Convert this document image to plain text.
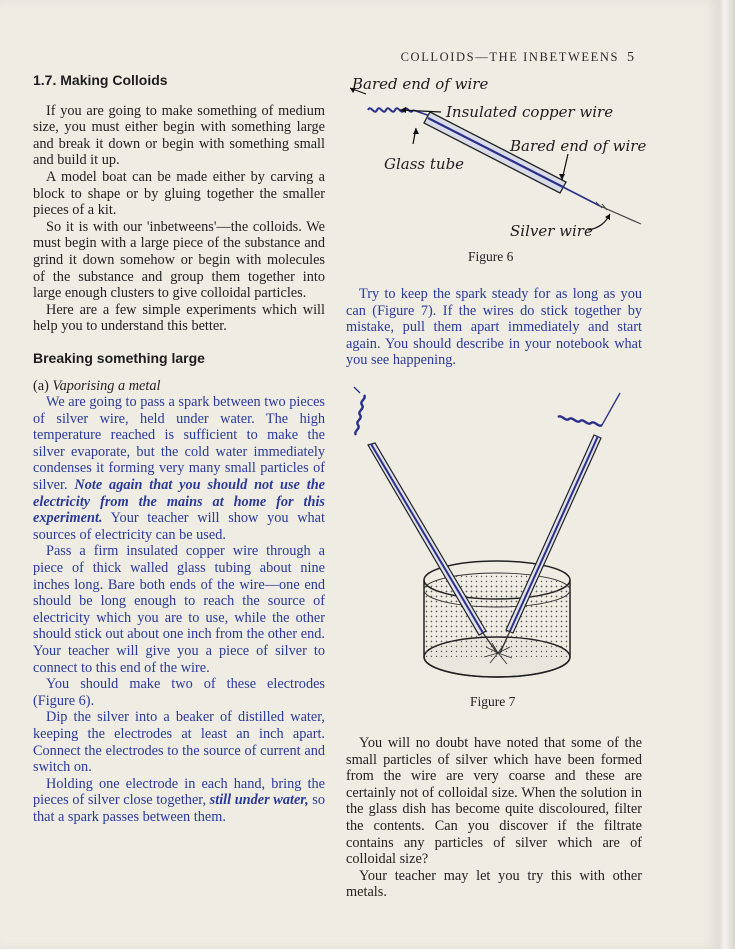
COLLOIDS—THE INBETWEENS 5
1.7. Making Colloids

If you are going to make something of medium size, you must either begin with something large and break it down or begin with something small and build it up.

A model boat can be made either by carving a block to shape or by gluing together the smaller pieces of a kit.

So it is with our 'inbetweens'—the colloids. We must begin with a large piece of the substance and grind it down somehow or begin with molecules of the substance and group them together into large enough clusters to give colloidal particles.

Here are a few simple experiments which will help you to understand this better.

Breaking something large

(a) Vaporising a metal

We are going to pass a spark between two pieces of silver wire, held under water. The high temperature reached is sufficient to make the silver evaporate, but the cold water immediately condenses it forming very many small particles of silver. Note again that you should not use the electricity from the mains at home for this experiment. Your teacher will show you what sources of electricity can be used.

Pass a firm insulated copper wire through a piece of thick walled glass tubing about nine inches long. Bare both ends of the wire—one end should be long enough to reach the source of electricity which you are to use, while the other should stick out about one inch from the other end. Your teacher will give you a piece of silver to connect to this end of the wire.

You should make two of these electrodes (Figure 6).

Dip the silver into a beaker of distilled water, keeping the electrodes at least an inch apart. Connect the electrodes to the source of current and switch on.

Holding one electrode in each hand, bring the pieces of silver close together, still under water, so that a spark passes between them.

Bared end of wire
Insulated copper wire
Bared end of wire
Glass tube
Silver wire
Figure 6

Try to keep the spark steady for as long as you can (Figure 7). If the wires do stick together by mistake, pull them apart immediately and start again. You should describe in your notebook what you see happening.

Figure 7

You will no doubt have noted that some of the small particles of silver which have been formed from the wire are very coarse and these are certainly not of colloidal size. When the solution in the glass dish has become quite discoloured, filter the contents. Can you discover if the filtrate contains any particles of silver which are of colloidal size?

Your teacher may let you try this with other metals.
